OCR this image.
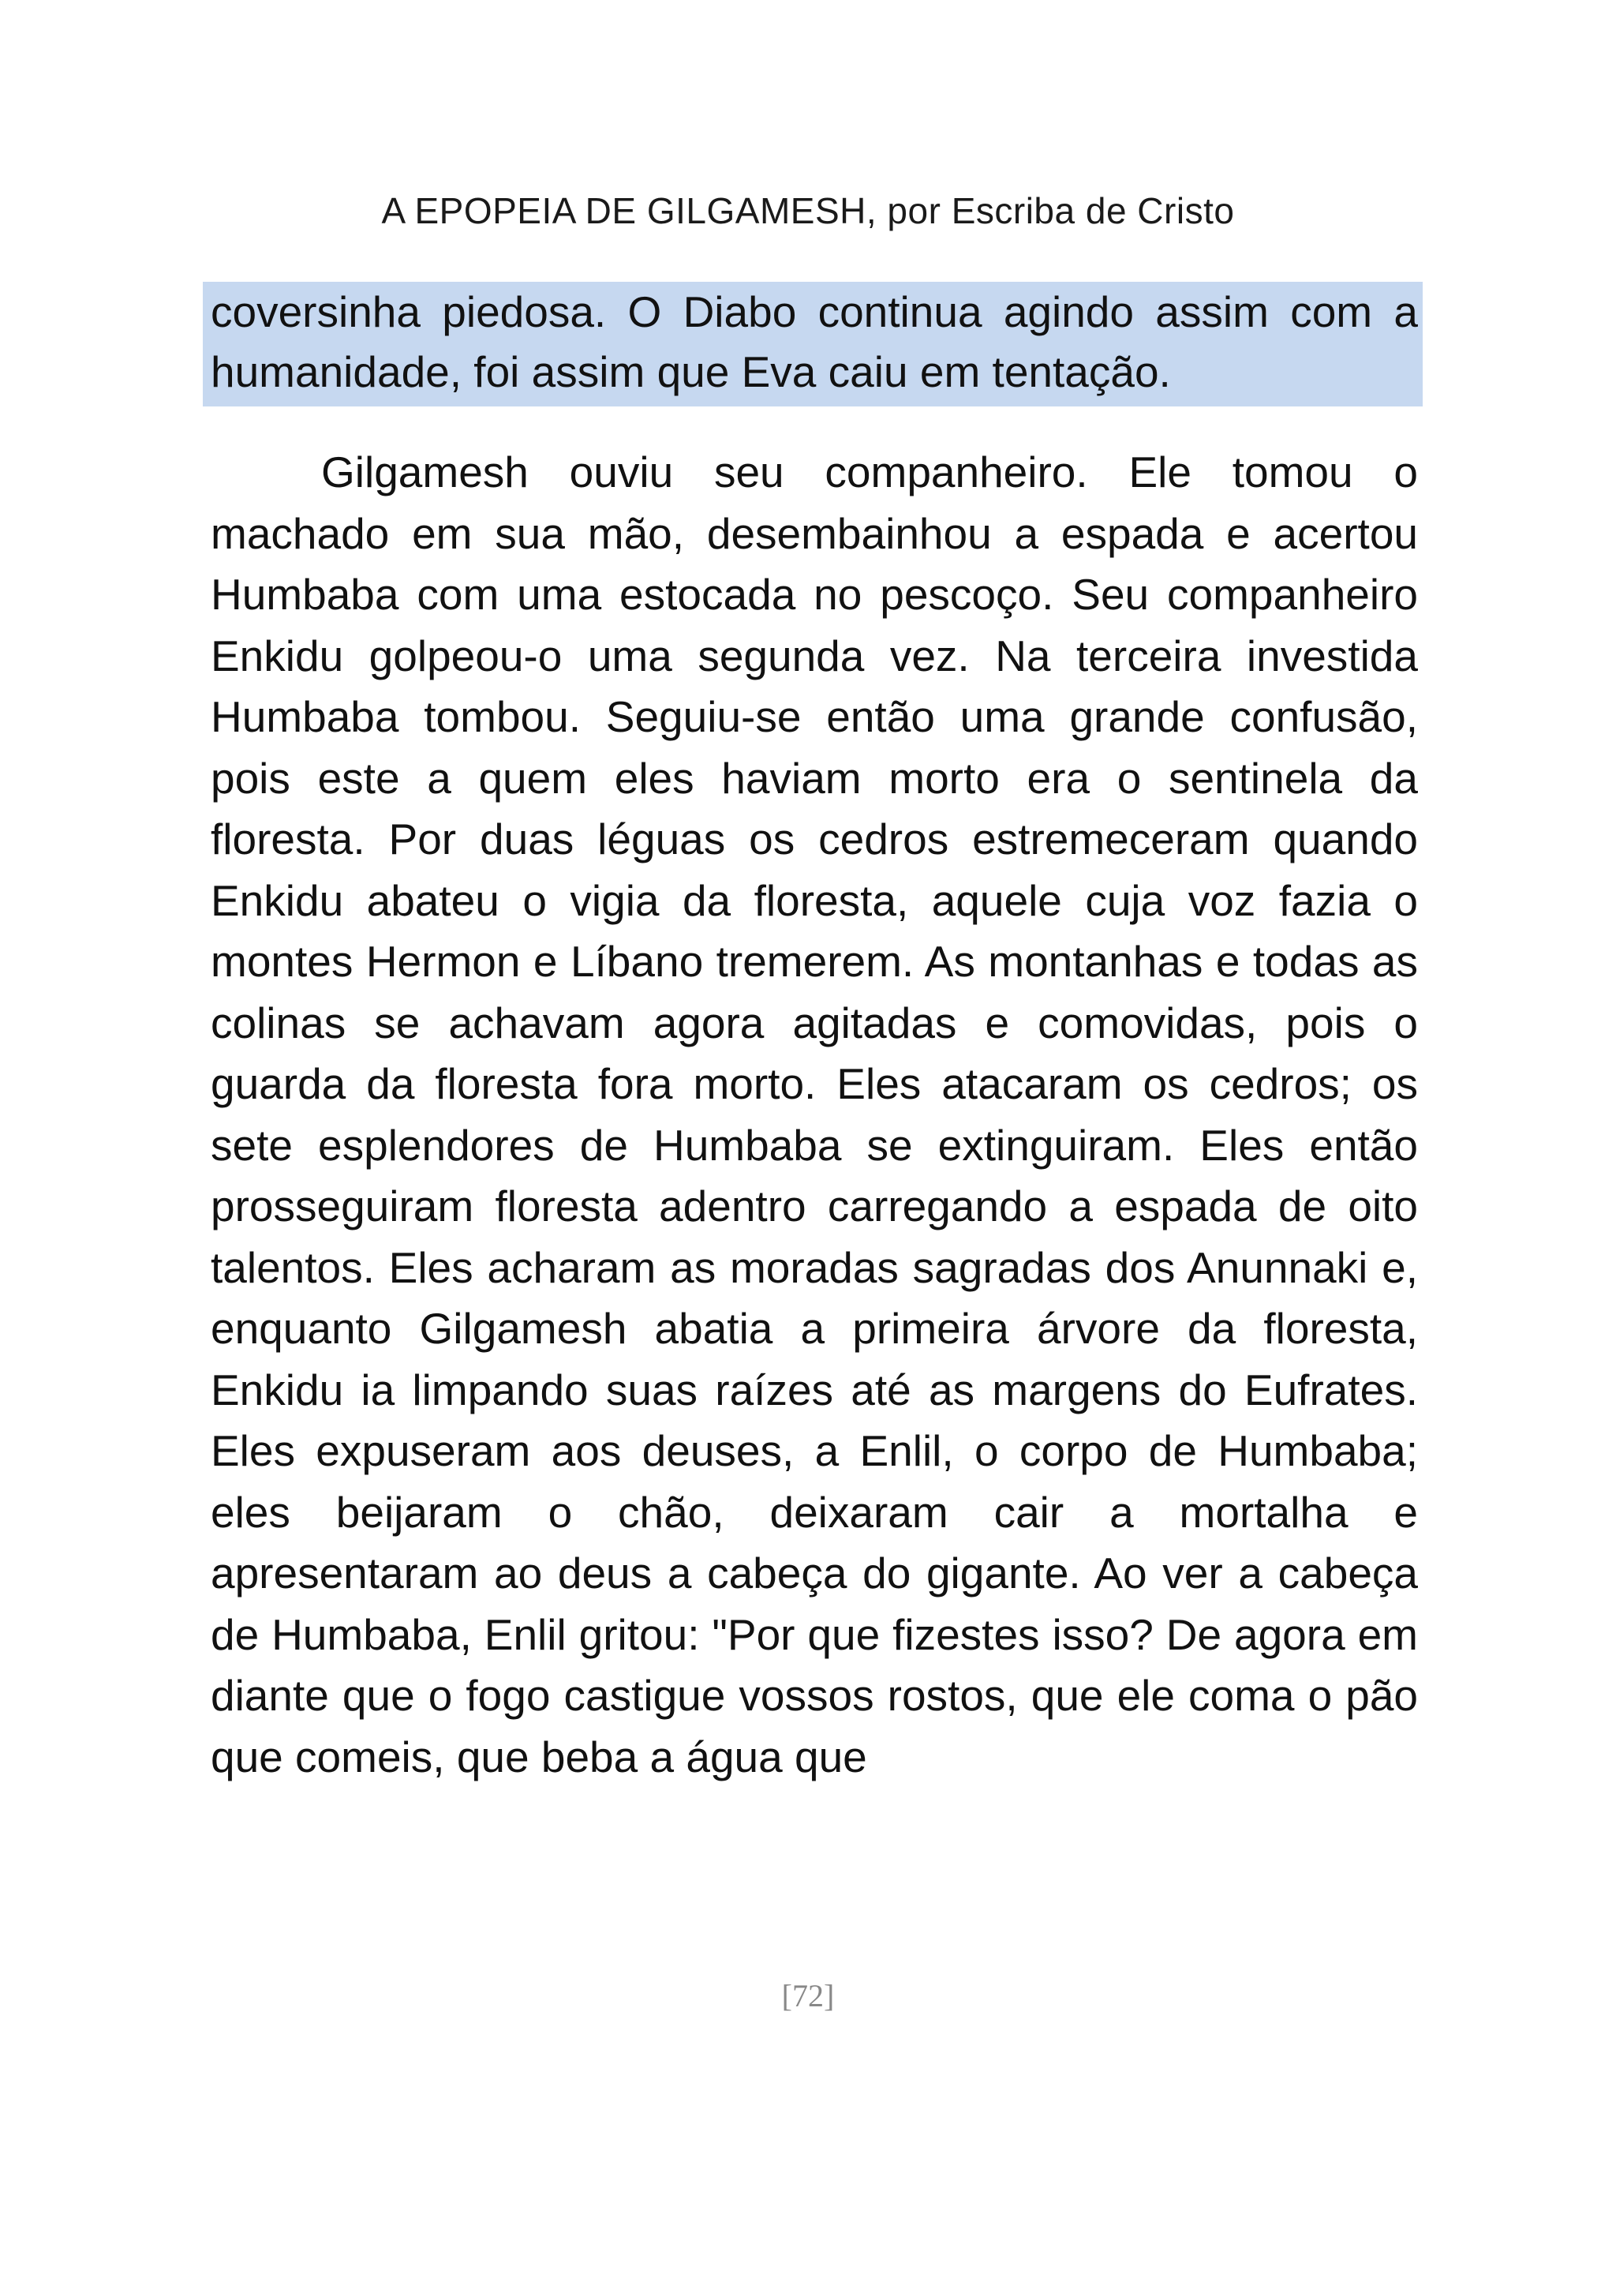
A EPOPEIA DE GILGAMESH, por Escriba de Cristo
coversinha piedosa. O Diabo continua agindo assim com a humanidade, foi assim que Eva caiu em tentação.

Gilgamesh ouviu seu companheiro. Ele tomou o machado em sua mão, desembainhou a espada e acertou Humbaba com uma estocada no pescoço. Seu companheiro Enkidu golpeou-o uma segunda vez. Na terceira investida Humbaba tombou. Seguiu-se então uma grande confusão, pois este a quem eles haviam morto era o sentinela da floresta. Por duas léguas os cedros estremeceram quando Enkidu abateu o vigia da floresta, aquele cuja voz fazia o montes Hermon e Líbano tremerem. As montanhas e todas as colinas se achavam agora agitadas e comovidas, pois o guarda da floresta fora morto. Eles atacaram os cedros; os sete esplendores de Humbaba se extinguiram. Eles então prosseguiram floresta adentro carregando a espada de oito talentos. Eles acharam as moradas sagradas dos Anunnaki e, enquanto Gilgamesh abatia a primeira árvore da floresta, Enkidu ia limpando suas raízes até as margens do Eufrates. Eles expuseram aos deuses, a Enlil, o corpo de Humbaba; eles beijaram o chão, deixaram cair a mortalha e apresentaram ao deus a cabeça do gigante. Ao ver a cabeça de Humbaba, Enlil gritou: "Por que fizestes isso? De agora em diante que o fogo castigue vossos rostos, que ele coma o pão que comeis, que beba a água que

[72]
